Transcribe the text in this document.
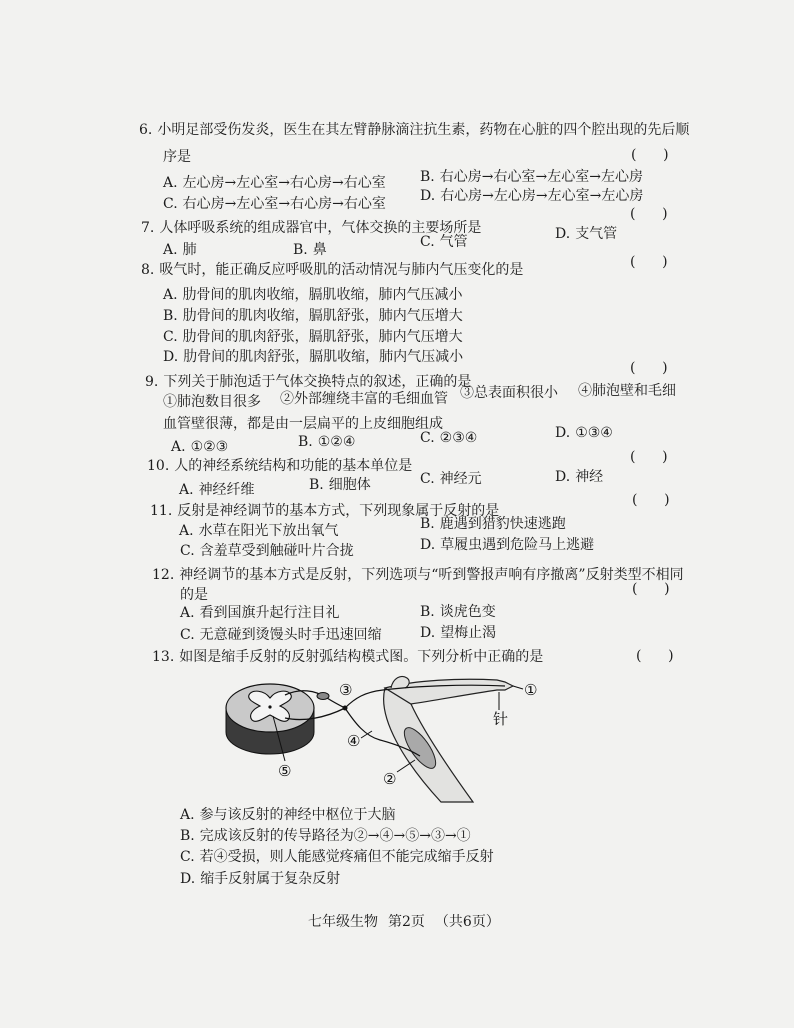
6. 小明足部受伤发炎，医生在其左臂静脉滴注抗生素，药物在心脏的四个腔出现的先后顺
序是	(      )
A. 左心房→左心室→右心房→右心室 B. 右心房→右心室→左心室→左心房
C. 右心房→左心室→右心房→右心室 D. 右心房→左心房→左心室→左心房
7. 人体呼吸系统的组成器官中，气体交换的主要场所是
(      )
A. 肺	B. 鼻	C. 气管	D. 支气管
8. 吸气时，能正确反应呼吸肌的活动情况与肺内气压变化的是	(      )
A. 肋骨间的肌肉收缩，膈肌收缩，肺内气压减小
B. 肋骨间的肌肉收缩，膈肌舒张，肺内气压增大
C. 肋骨间的肌肉舒张，膈肌舒张，肺内气压增大
D. 肋骨间的肌肉舒张，膈肌收缩，肺内气压减小
(      )
9. 下列关于肺泡适于气体交换特点的叙述，正确的是
①肺泡数目很多 ②外部缠绕丰富的毛细血管 ③总表面积很小 ④肺泡壁和毛细
血管壁很薄，都是由一层扁平的上皮细胞组成
A. ①②③	B. ①②④	C. ②③④	D. ①③④
(      )
10. 人的神经系统结构和功能的基本单位是
A. 神经纤维	B. 细胞体	C. 神经元	D. 神经
(      )
11. 反射是神经调节的基本方式，下列现象属于反射的是
A. 水草在阳光下放出氧气	B. 鹿遇到猎豹快速逃跑
C. 含羞草受到触碰叶片合拢	D. 草履虫遇到危险马上逃避
12. 神经调节的基本方式是反射，下列选项与“听到警报声响有序撤离”反射类型不相同
的是	(      )
A. 看到国旗升起行注目礼	B. 谈虎色变
C. 无意碰到烫馒头时手迅速回缩	D. 望梅止渴
13. 如图是缩手反射的反射弧结构模式图。下列分析中正确的是	(      )
①
②
③
④
⑤
针
A. 参与该反射的神经中枢位于大脑
B. 完成该反射的传导路径为②→④→⑤→③→①
C. 若④受损，则人能感觉疼痛但不能完成缩手反射
D. 缩手反射属于复杂反射
七年级生物 第2页 （共6页）
